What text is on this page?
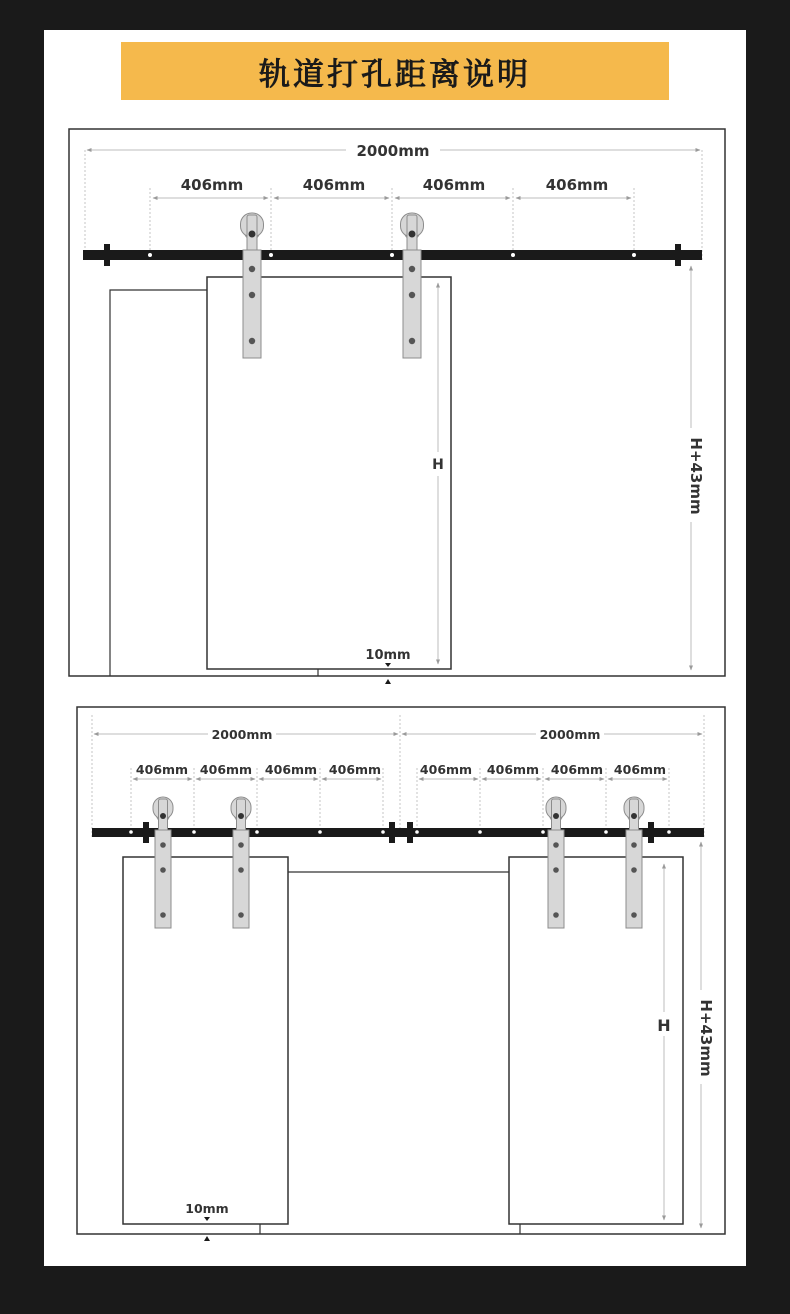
轨道打孔距离说明
2000mm
406mm	406mm	406mm	406mm
H	H+43mm
10mm
2000mm	2000mm
406mm 406mm 406mm 406mm	406mm 406mm 406mm 406mm
H H+43mm
10mm
